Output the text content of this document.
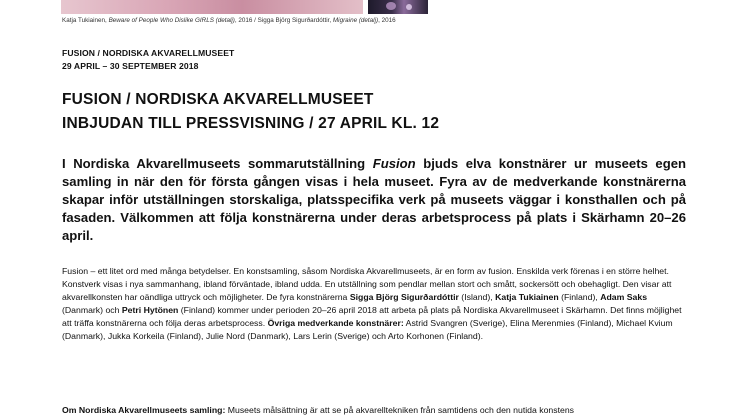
Katja Tukiainen, Beware of People Who Dislike GIRLS (detalj), 2016 / Sigga Björg Sigurðardóttir, Migraine (detalj), 2016
FUSION / NORDISKA AKVARELLMUSEET
29 APRIL – 30 SEPTEMBER 2018
FUSION / NORDISKA AKVARELLMUSEET
INBJUDAN TILL PRESSVISNING / 27 APRIL KL. 12
I Nordiska Akvarellmuseets sommarutställning Fusion bjuds elva konstnärer ur museets egen samling in när den för första gången visas i hela museet. Fyra av de medverkande konstnärerna skapar inför utställningen storskaliga, platsspecifika verk på museets väggar i konsthallen och på fasaden. Välkommen att följa konstnärerna under deras arbetsprocess på plats i Skärhamn 20–26 april.
Fusion – ett litet ord med många betydelser. En konstsamling, såsom Nordiska Akvarellmuseets, är en form av fusion. Enskilda verk förenas i en större helhet. Konstverk visas i nya sammanhang, ibland förväntade, ibland udda. En utställning som pendlar mellan stort och smått, sockersött och obehagligt. Den visar att akvarellkonsten har oändliga uttryck och möjligheter. De fyra konstnärerna Sigga Björg Sigurðardóttir (Island), Katja Tukiainen (Finland), Adam Saks (Danmark) och Petri Hytönen (Finland) kommer under perioden 20–26 april 2018 att arbeta på plats på Nordiska Akvarellmuseet i Skärhamn. Det finns möjlighet att träffa konstnärerna och följa deras arbetsprocess. Övriga medverkande konstnärer: Astrid Svangren (Sverige), Elina Merenmies (Finland), Michael Kvium (Danmark), Jukka Korkeila (Finland), Julie Nord (Danmark), Lars Lerin (Sverige) och Arto Korhonen (Finland).
Om Nordiska Akvarellmuseets samling: Museets målsättning är att se på akvarelltekniken från samtidens och den nutida konstens
